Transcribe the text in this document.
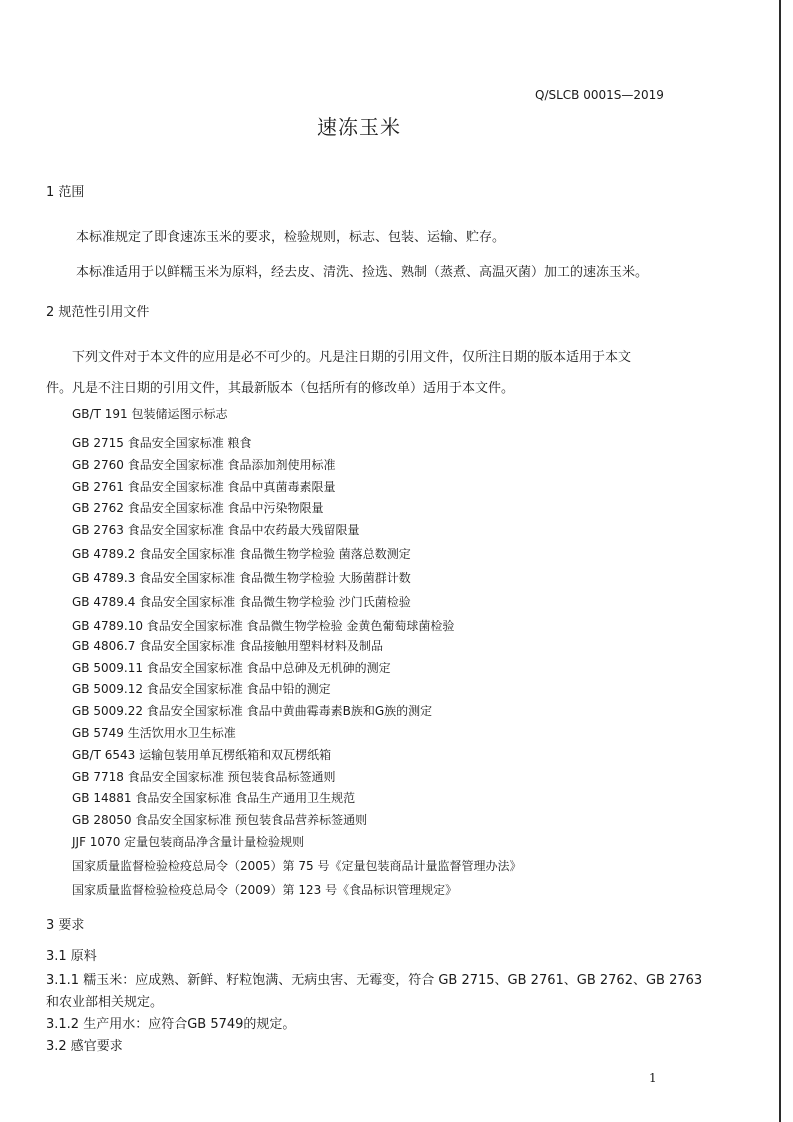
Q/SLCB 0001S—2019
速冻玉米
1 范围
本标准规定了即食速冻玉米的要求，检验规则，标志、包装、运输、贮存。
本标准适用于以鲜糯玉米为原料，经去皮、清洗、捡选、熟制（蒸煮、高温灭菌）加工的速冻玉米。
2 规范性引用文件
下列文件对于本文件的应用是必不可少的。凡是注日期的引用文件，仅所注日期的版本适用于本文
件。凡是不注日期的引用文件，其最新版本（包括所有的修改单）适用于本文件。
GB/T 191 包装储运图示标志
GB 2715 食品安全国家标准 粮食
GB 2760 食品安全国家标准 食品添加剂使用标准
GB 2761 食品安全国家标准 食品中真菌毒素限量
GB 2762 食品安全国家标准 食品中污染物限量
GB 2763 食品安全国家标准 食品中农药最大残留限量
GB 4789.2 食品安全国家标准 食品微生物学检验 菌落总数测定
GB 4789.3 食品安全国家标准 食品微生物学检验 大肠菌群计数
GB 4789.4 食品安全国家标准 食品微生物学检验 沙门氏菌检验
GB 4789.10 食品安全国家标准 食品微生物学检验 金黄色葡萄球菌检验
GB 4806.7 食品安全国家标准 食品接触用塑料材料及制品
GB 5009.11 食品安全国家标准 食品中总砷及无机砷的测定
GB 5009.12 食品安全国家标准 食品中铅的测定
GB 5009.22 食品安全国家标准 食品中黄曲霉毒素B族和G族的测定
GB 5749 生活饮用水卫生标准
GB/T 6543 运输包装用单瓦楞纸箱和双瓦楞纸箱
GB 7718 食品安全国家标准 预包装食品标签通则
GB 14881 食品安全国家标准 食品生产通用卫生规范
GB 28050 食品安全国家标准 预包装食品营养标签通则
JJF 1070 定量包装商品净含量计量检验规则
国家质量监督检验检疫总局令（2005）第 75 号《定量包装商品计量监督管理办法》
国家质量监督检验检疫总局令（2009）第 123 号《食品标识管理规定》
3 要求
3.1 原料
3.1.1 糯玉米：应成熟、新鲜、籽粒饱满、无病虫害、无霉变，符合 GB 2715、GB 2761、GB 2762、GB 2763
和农业部相关规定。
3.1.2 生产用水：应符合GB 5749的规定。
3.2 感官要求
1
